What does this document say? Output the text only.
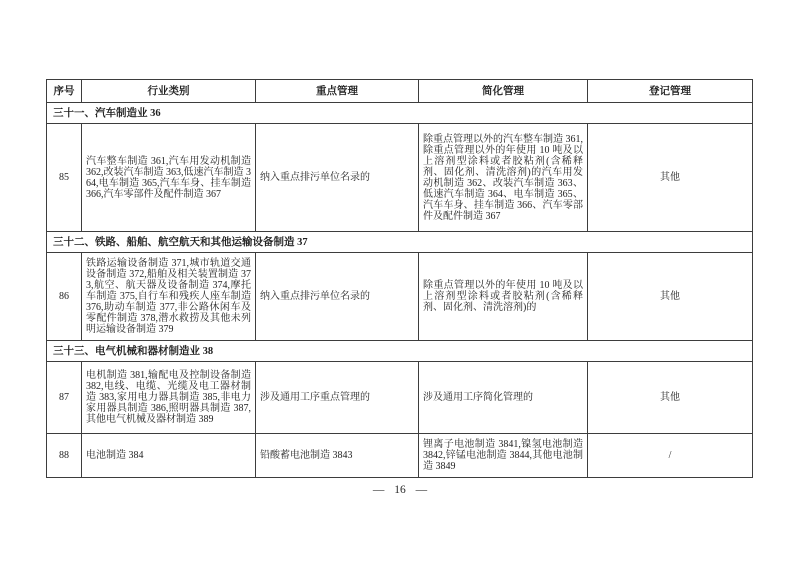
序号	行业类别	重点管理	简化管理	登记管理
三十一、汽车制造业 36				
85	汽车整车制造 361,汽车用发动机制造 362,改装汽车制造 363,低速汽车制造 364,电车制造 365,汽车车身、挂车制造 366,汽车零部件及配件制造 367	纳入重点排污单位名录的	除重点管理以外的汽车整车制造 361,除重点管理以外的年使用 10 吨及以上溶剂型涂料或者胶粘剂(含稀释剂、固化剂、清洗溶剂)的汽车用发动机制造 362、改装汽车制造 363、低速汽车制造 364、电车制造 365、汽车车身、挂车制造 366、汽车零部件及配件制造 367	其他
三十二、铁路、船舶、航空航天和其他运输设备制造 37				
86	铁路运输设备制造 371,城市轨道交通设备制造 372,船舶及相关装置制造 373,航空、航天器及设备制造 374,摩托车制造 375,自行车和残疾人座车制造 376,助动车制造 377,非公路休闲车及零配件制造 378,潜水救捞及其他未列明运输设备制造 379	纳入重点排污单位名录的	除重点管理以外的年使用 10 吨及以上溶剂型涂料或者胶粘剂(含稀释剂、固化剂、清洗溶剂)的	其他
三十三、电气机械和器材制造业 38				
87	电机制造 381,输配电及控制设备制造 382,电线、电缆、光缆及电工器材制造 383,家用电力器具制造 385,非电力家用器具制造 386,照明器具制造 387,其他电气机械及器材制造 389	涉及通用工序重点管理的	涉及通用工序简化管理的	其他
88	电池制造 384	铅酸蓄电池制造 3843	锂离子电池制造 3841,镍氢电池制造 3842,锌锰电池制造 3844,其他电池制造 3849	/
— 16 —
